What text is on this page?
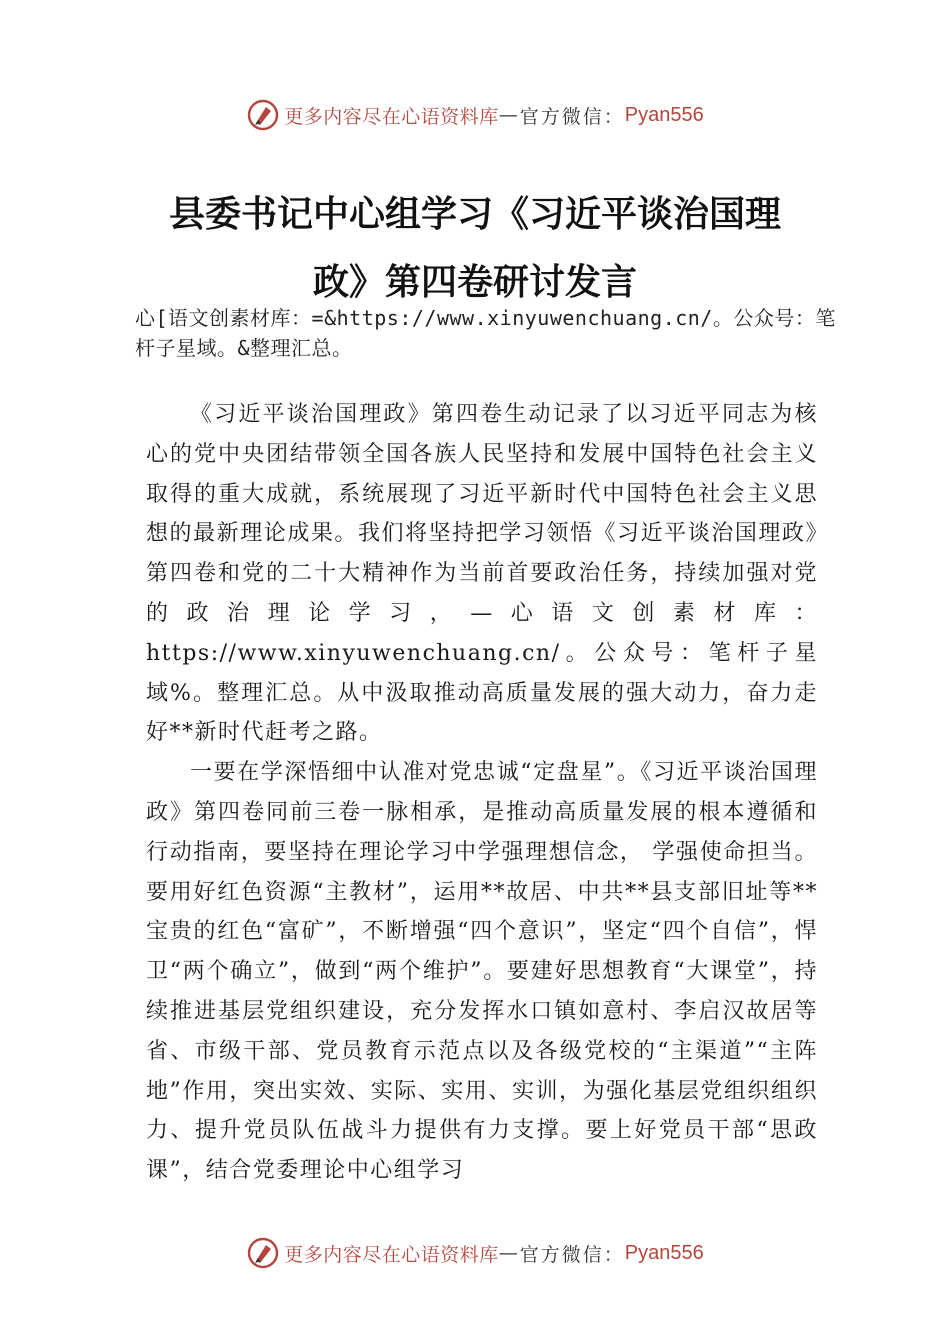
更多内容尽在心语资料库 — 官方微信： Pyan556
县委书记中心组学习《习近平谈治国理
政》第四卷研讨发言
心[语文创素材库：=&https://www.xinyuwenchuang.cn/。公众号：笔杆子星域。&整理汇总。

《习近平谈治国理政》第四卷生动记录了以习近平同志为核心的党中央团结带领全国各族人民坚持和发展中国特色社会主义取得的重大成就，系统展现了习近平新时代中国特色社会主义思想的最新理论成果。我们将坚持把学习领悟《习近平谈治国理政》第四卷和党的二十大精神作为当前首要政治任务，持续加强对党的政治理论学习，—心语文创素材库：https://www.xinyuwenchuang.cn/。公众号：笔杆子星域%。整理汇总。从中汲取推动高质量发展的强大动力，奋力走好**新时代赶考之路。

一要在学深悟细中认准对党忠诚“定盘星”。《习近平谈治国理政》第四卷同前三卷一脉相承，是推动高质量发展的根本遵循和行动指南，要坚持在理论学习中学强理想信念， 学强使命担当。要用好红色资源“主教材”，运用**故居、中共**县支部旧址等**宝贵的红色“富矿”，不断增强“四个意识”，坚定“四个自信”，悍卫“两个确立”，做到“两个维护”。要建好思想教育“大课堂”，持续推进基层党组织建设，充分发挥水口镇如意村、李启汉故居等省、市级干部、党员教育示范点以及各级党校的“主渠道”“主阵地”作用，突出实效、实际、实用、实训，为强化基层党组织组织力、提升党员队伍战斗力提供有力支撑。要上好党员干部“思政课”，结合党委理论中心组学习

更多内容尽在心语资料库 — 官方微信： Pyan556
